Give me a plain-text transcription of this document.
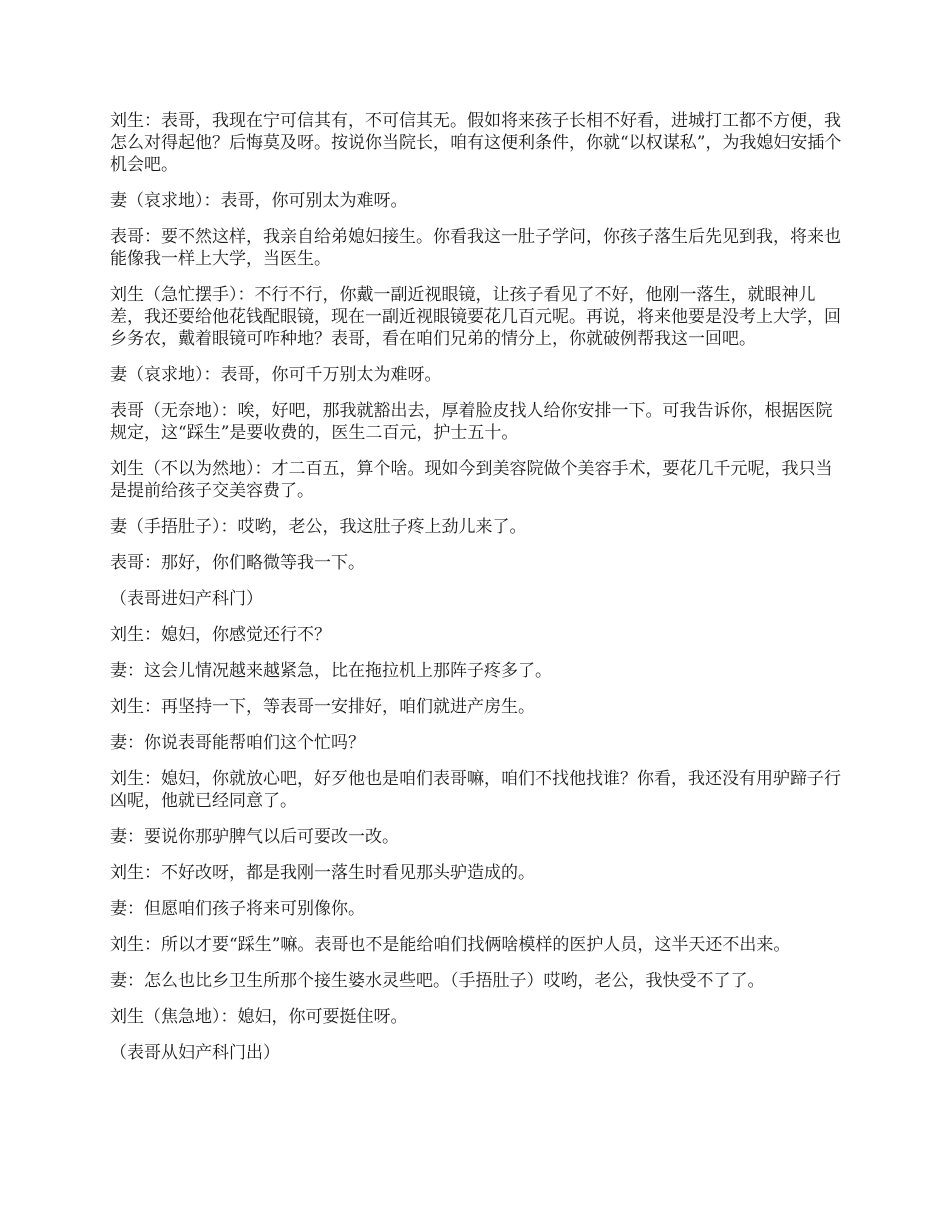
刘生：表哥，我现在宁可信其有，不可信其无。假如将来孩子长相不好看，进城打工都不方便，我怎么对得起他？后悔莫及呀。按说你当院长，咱有这便利条件，你就“以权谋私”，为我媳妇安插个机会吧。

妻（哀求地）：表哥，你可别太为难呀。

表哥：要不然这样，我亲自给弟媳妇接生。你看我这一肚子学问，你孩子落生后先见到我，将来也能像我一样上大学，当医生。

刘生（急忙摆手）：不行不行，你戴一副近视眼镜，让孩子看见了不好，他刚一落生，就眼神儿差，我还要给他花钱配眼镜，现在一副近视眼镜要花几百元呢。再说，将来他要是没考上大学，回乡务农，戴着眼镜可咋种地？表哥，看在咱们兄弟的情分上，你就破例帮我这一回吧。

妻（哀求地）：表哥，你可千万别太为难呀。

表哥（无奈地）：唉，好吧，那我就豁出去，厚着脸皮找人给你安排一下。可我告诉你，根据医院规定，这“踩生”是要收费的，医生二百元，护士五十。

刘生（不以为然地）：才二百五，算个啥。现如今到美容院做个美容手术，要花几千元呢，我只当是提前给孩子交美容费了。

妻（手捂肚子）：哎哟，老公，我这肚子疼上劲儿来了。

表哥：那好，你们略微等我一下。

（表哥进妇产科门）

刘生：媳妇，你感觉还行不？

妻：这会儿情况越来越紧急，比在拖拉机上那阵子疼多了。

刘生：再坚持一下，等表哥一安排好，咱们就进产房生。

妻：你说表哥能帮咱们这个忙吗？

刘生：媳妇，你就放心吧，好歹他也是咱们表哥嘛，咱们不找他找谁？你看，我还没有用驴蹄子行凶呢，他就已经同意了。

妻：要说你那驴脾气以后可要改一改。

刘生：不好改呀，都是我刚一落生时看见那头驴造成的。

妻：但愿咱们孩子将来可别像你。

刘生：所以才要“踩生”嘛。表哥也不是能给咱们找俩啥模样的医护人员，这半天还不出来。

妻：怎么也比乡卫生所那个接生婆水灵些吧。（手捂肚子）哎哟，老公，我快受不了了。

刘生（焦急地）：媳妇，你可要挺住呀。

（表哥从妇产科门出）
